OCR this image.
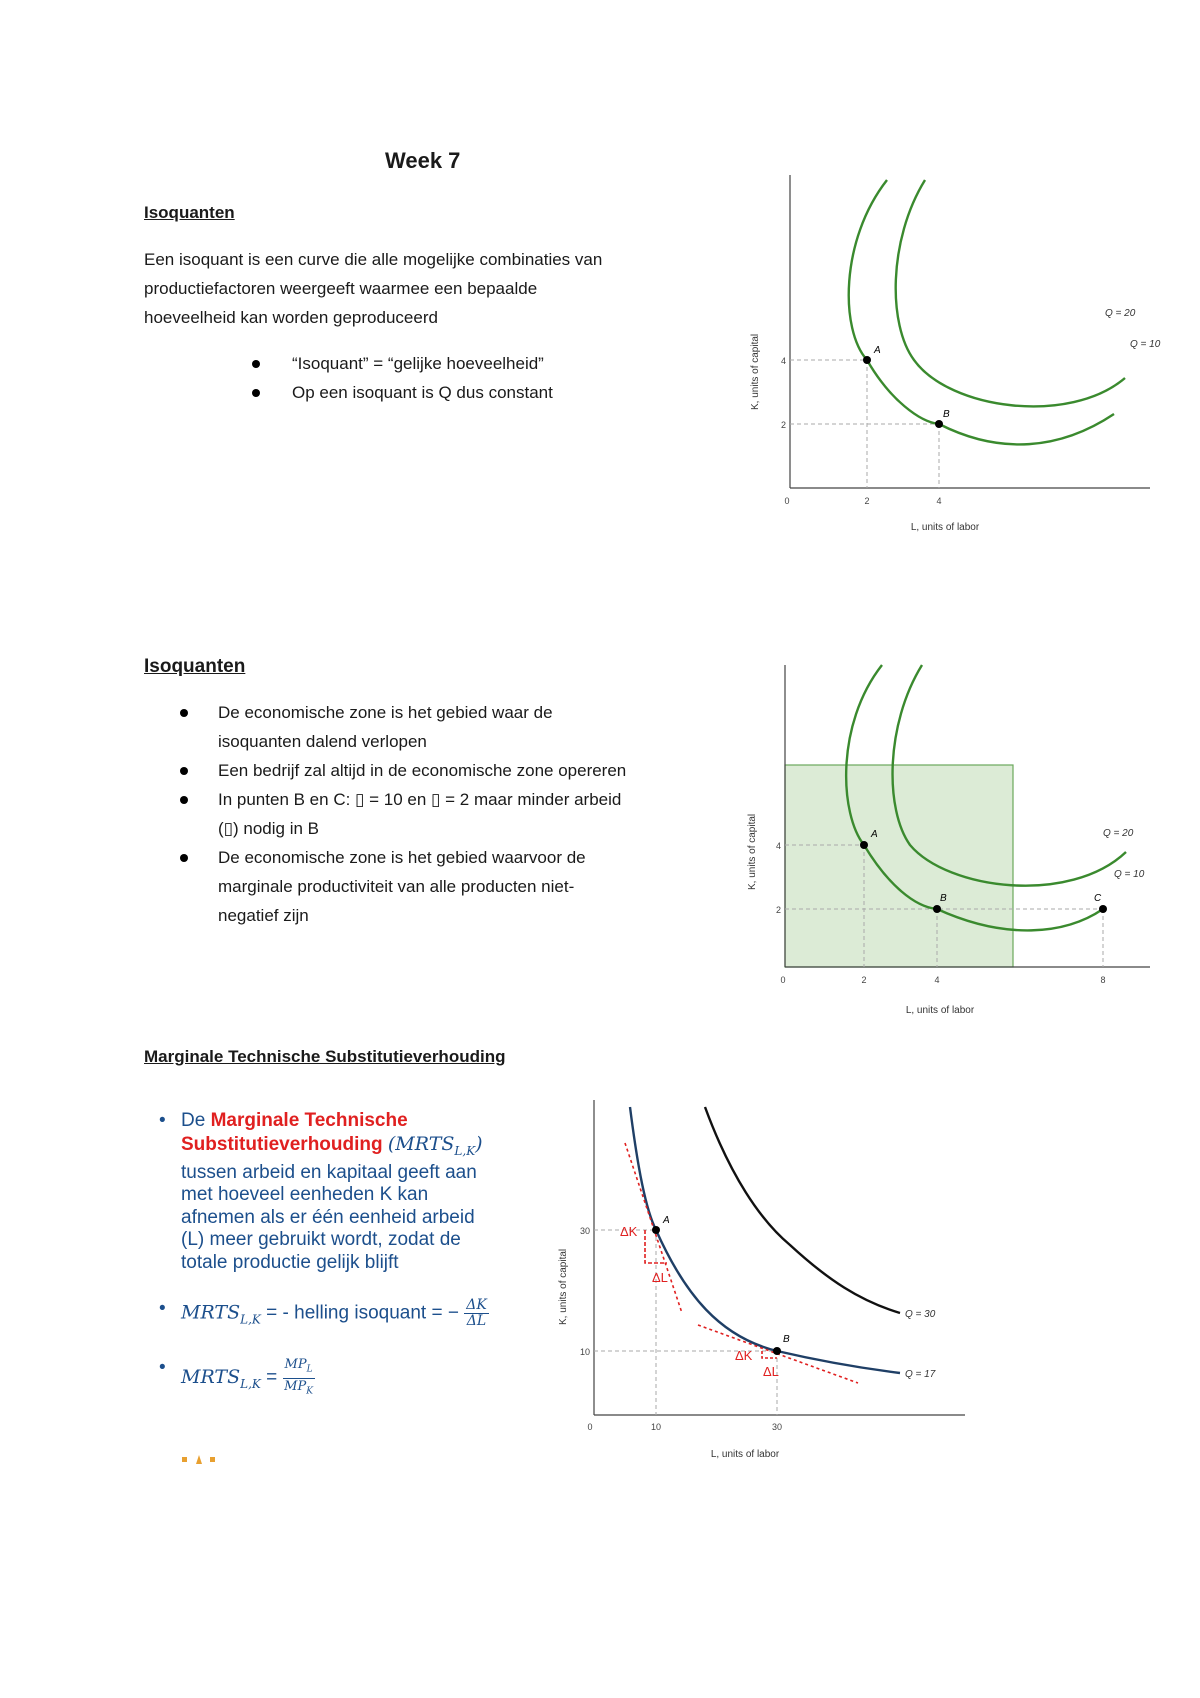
Week 7
Isoquanten
Een isoquant is een curve die alle mogelijke combinaties van
productiefactoren weergeeft waarmee een bepaalde
hoeveelheid kan worden geproduceerd
“Isoquant” = “gelijke hoeveelheid”
Op een isoquant is Q dus constant
A
B
Q = 10
Q = 20
4
2
0	2	4
L, units of labor
K, units of capital
Isoquanten
De economische zone is het gebied waar de
isoquanten dalend verlopen
Een bedrijf zal altijd in de economische zone opereren
In punten B en C: ▯ = 10 en ▯ = 2 maar minder arbeid
(▯) nodig in B
De economische zone is het gebied waarvoor de
marginale productiviteit van alle producten niet-
negatief zijn
A
B	C
Q = 10
Q = 20
4
2
0	2	4	8
L, units of labor
K, units of capital
Marginale Technische Substitutieverhouding
• De Marginale Technische
Substitutieverhouding $(MRTS_{L,K})$
tussen arbeid en kapitaal geeft aan
met hoeveel eenheden K kan
afnemen als er één eenheid arbeid
(L) meer gebruikt wordt, zodat de
totale productie gelijk blijft
• $MRTS_{L,K}$ = - helling isoquant = − $\frac{\Delta K}{\Delta L}$
• $MRTS_{L,K}$ =
$MP_L$
$MP_K$
A
B
ΔK
ΔL
ΔK
ΔL
Q = 30
Q = 17
30
10
0	10	30
L, units of labor
K, units of capital
